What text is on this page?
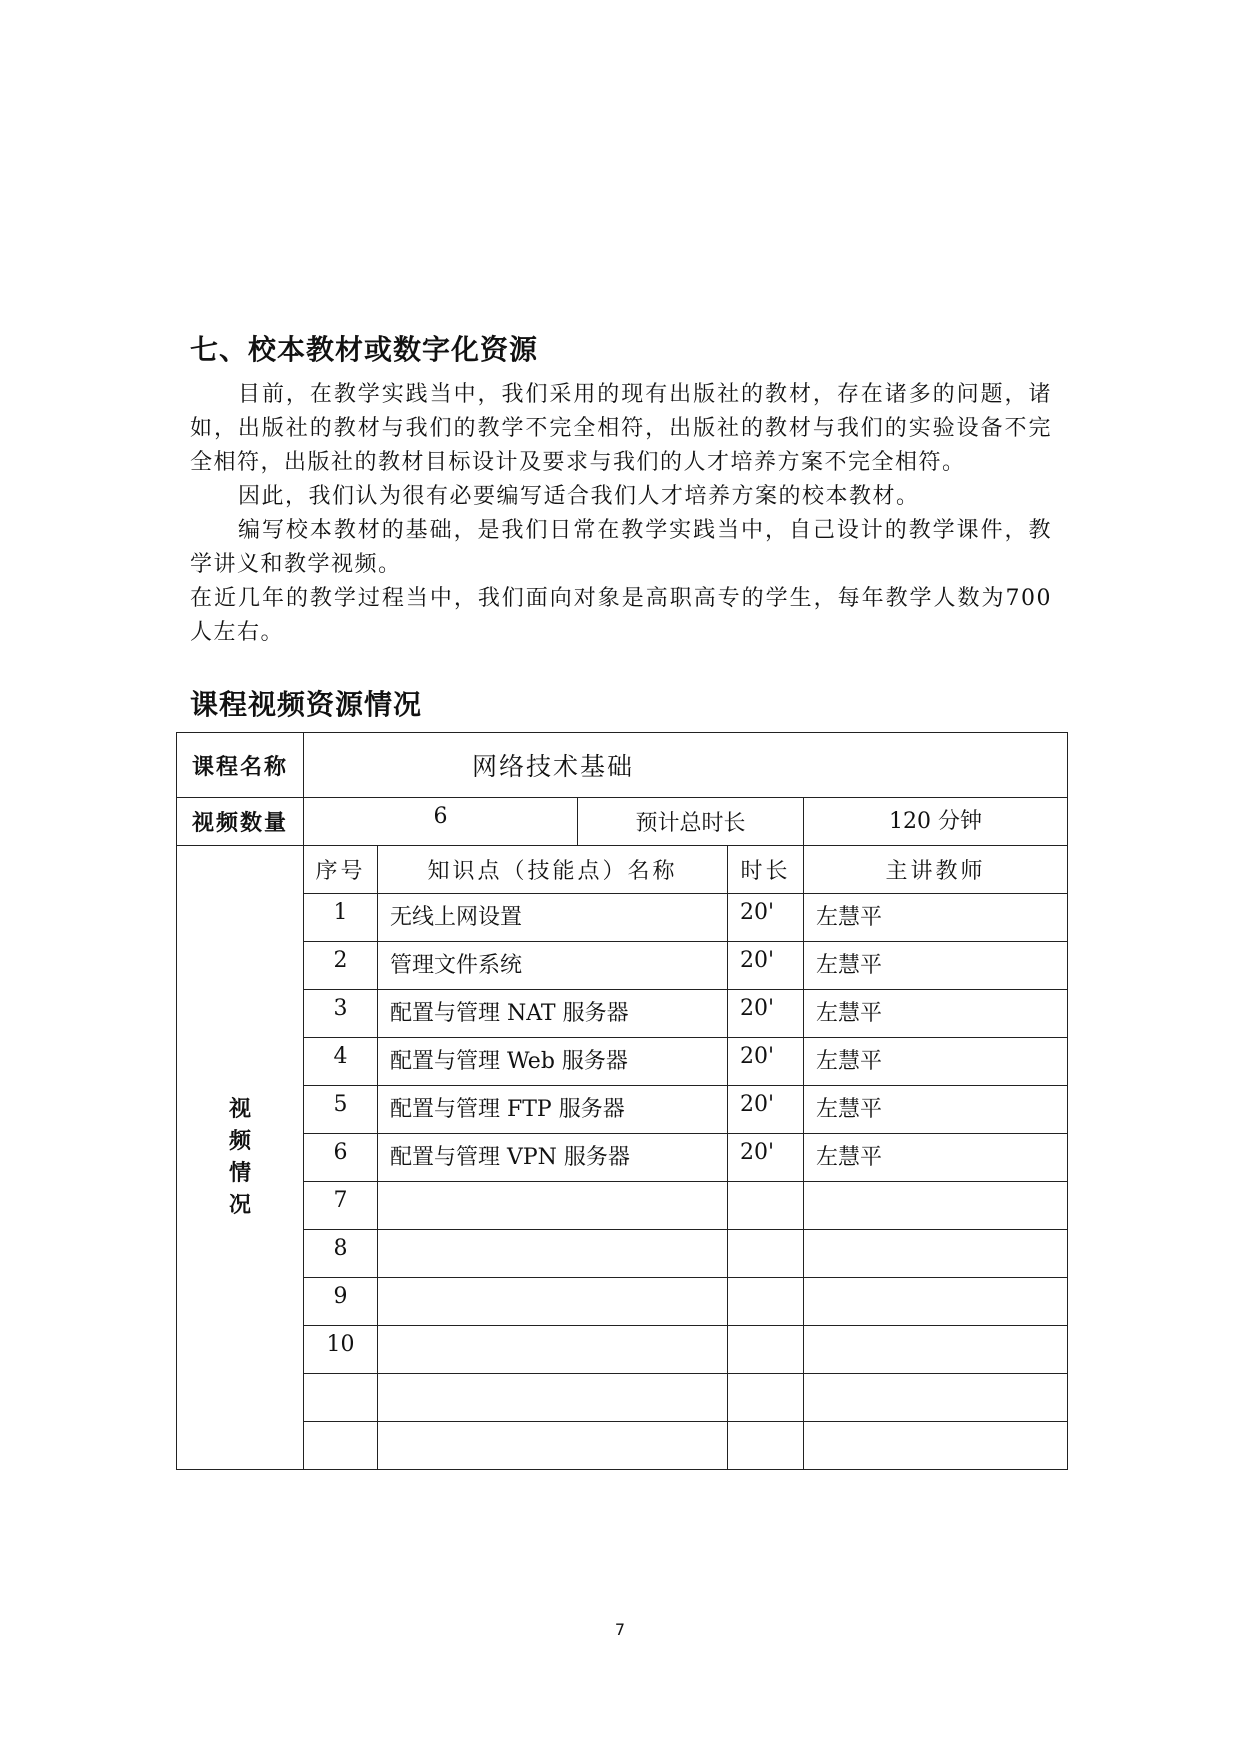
七、校本教材或数字化资源

目前，在教学实践当中，我们采用的现有出版社的教材，存在诸多的问题，诸如，出版社的教材与我们的教学不完全相符，出版社的教材与我们的实验设备不完全相符，出版社的教材目标设计及要求与我们的人才培养方案不完全相符。

因此，我们认为很有必要编写适合我们人才培养方案的校本教材。

编写校本教材的基础，是我们日常在教学实践当中，自己设计的教学课件，教学讲义和教学视频。

在近几年的教学过程当中，我们面向对象是高职高专的学生，每年教学人数为700人左右。

课程视频资源情况
课程名称	网络技术基础				
视频数量	6		预计总时长		120 分钟

视频情况	序号	知识点（技能点）名称		时长	主讲教师
	1	无线上网设置		20'	左慧平
	2	管理文件系统		20'	左慧平
	3	配置与管理 NAT 服务器		20'	左慧平
	4	配置与管理 Web 服务器		20'	左慧平
	5	配置与管理 FTP 服务器		20'	左慧平
	6	配置与管理 VPN 服务器		20'	左慧平
	7				
	8				
	9				
	10				

7
